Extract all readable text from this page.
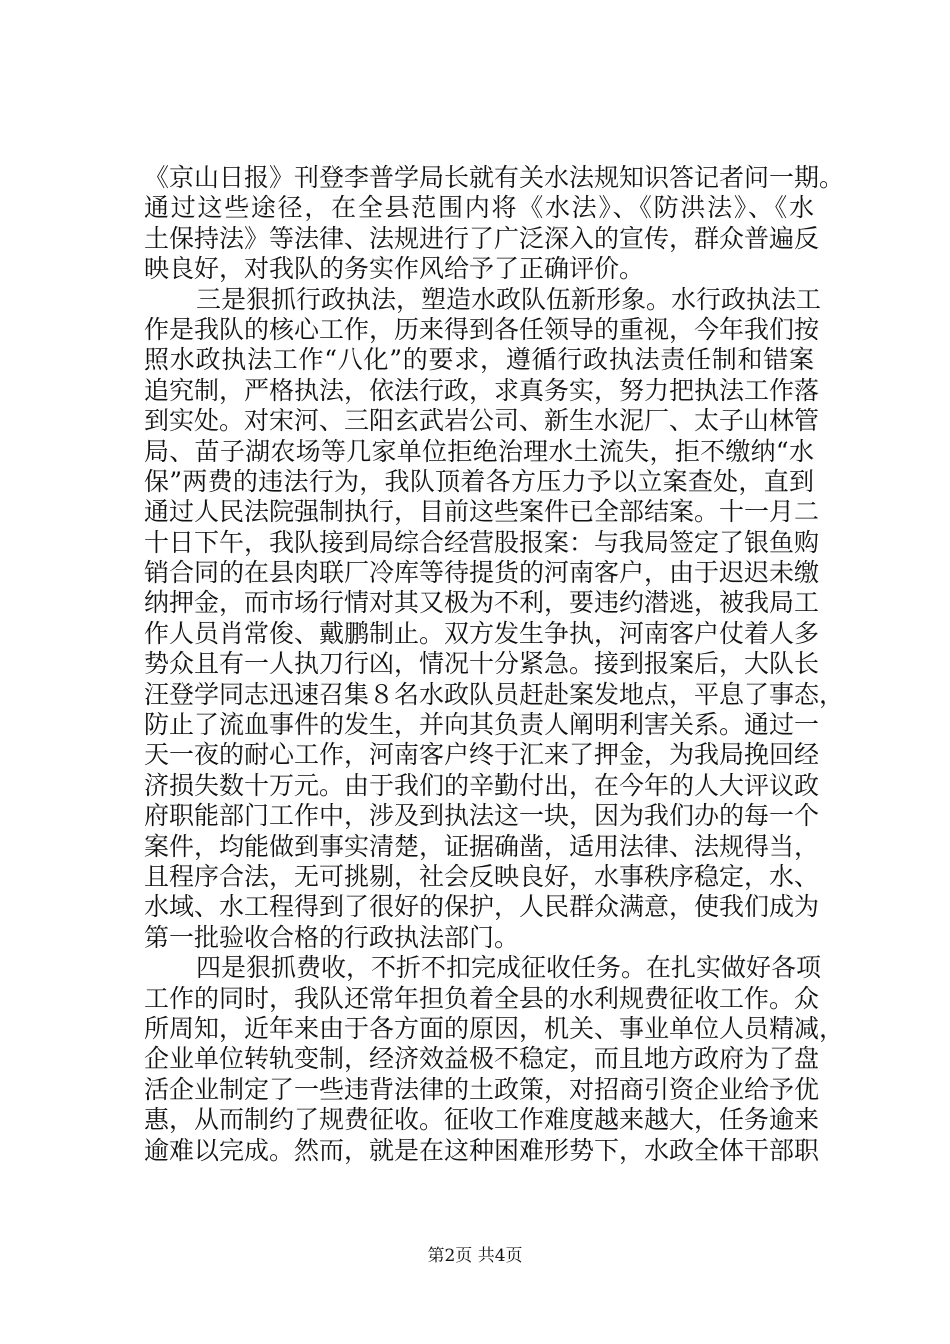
《京山日报》刊登李普学局长就有关水法规知识答记者问一期。
通过这些途径，在全县范围内将《水法》、《防洪法》、《水
土保持法》等法律、法规进行了广泛深入的宣传，群众普遍反
映良好，对我队的务实作风给予了正确评价。
三是狠抓行政执法，塑造水政队伍新形象。水行政执法工
作是我队的核心工作，历来得到各任领导的重视，今年我们按
照水政执法工作“八化”的要求，遵循行政执法责任制和错案
追究制，严格执法，依法行政，求真务实，努力把执法工作落
到实处。对宋河、三阳玄武岩公司、新生水泥厂、太子山林管
局、苗子湖农场等几家单位拒绝治理水土流失，拒不缴纳“水
保”两费的违法行为，我队顶着各方压力予以立案查处，直到
通过人民法院强制执行，目前这些案件已全部结案。十一月二
十日下午，我队接到局综合经营股报案：与我局签定了银鱼购
销合同的在县肉联厂冷库等待提货的河南客户，由于迟迟未缴
纳押金，而市场行情对其又极为不利，要违约潜逃，被我局工
作人员肖常俊、戴鹏制止。双方发生争执，河南客户仗着人多
势众且有一人执刀行凶，情况十分紧急。接到报案后，大队长
汪登学同志迅速召集８名水政队员赶赴案发地点，平息了事态，
防止了流血事件的发生，并向其负责人阐明利害关系。通过一
天一夜的耐心工作，河南客户终于汇来了押金，为我局挽回经
济损失数十万元。由于我们的辛勤付出，在今年的人大评议政
府职能部门工作中，涉及到执法这一块，因为我们办的每一个
案件，均能做到事实清楚，证据确凿，适用法律、法规得当，
且程序合法，无可挑剔，社会反映良好，水事秩序稳定，水、
水域、水工程得到了很好的保护，人民群众满意，使我们成为
第一批验收合格的行政执法部门。
四是狠抓费收，不折不扣完成征收任务。在扎实做好各项
工作的同时，我队还常年担负着全县的水利规费征收工作。众
所周知，近年来由于各方面的原因，机关、事业单位人员精减，
企业单位转轨变制，经济效益极不稳定，而且地方政府为了盘
活企业制定了一些违背法律的土政策，对招商引资企业给予优
惠，从而制约了规费征收。征收工作难度越来越大，任务逾来
逾难以完成。然而，就是在这种困难形势下，水政全体干部职
第2页 共4页
